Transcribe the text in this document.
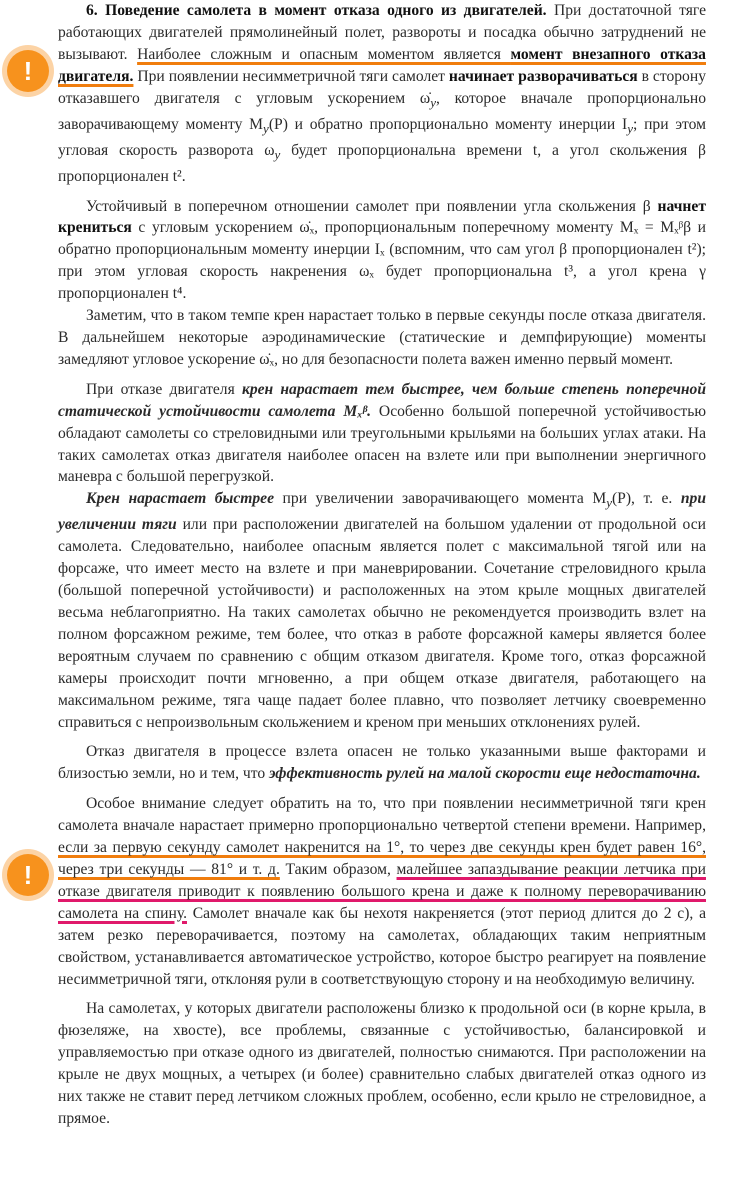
!
!

6. Поведение самолета в момент отказа одного из двигателей. При достаточной тяге работающих двигателей прямолинейный полет, развороты и посадка обычно затруднений не вызывают. Наиболее сложным и опасным моментом является момент внезапного отказа двигателя. При появлении несимметричной тяги самолет начинает разворачиваться в сторону отказавшего двигателя с угловым ускорением $\omegȧ_y$, которое вначале пропорционально заворачивающему моменту $M_y(P)$ и обратно пропорционально моменту инерции $I_y$; при этом угловая скорость разворота $\omega_y$ будет пропорциональна времени t, а угол скольжения β пропорционален t².

Устойчивый в поперечном отношении самолет при появлении угла скольжения β начнет крениться с угловым ускорением ω̇ₓ, пропорциональным поперечному моменту Mₓ = Mₓᵝβ и обратно пропорциональным моменту инерции Iₓ (вспомним, что сам угол β пропорционален t²); при этом угловая скорость накренения ωₓ будет пропорциональна t³, а угол крена γ пропорционален t⁴.

Заметим, что в таком темпе крен нарастает только в первые секунды после отказа двигателя. В дальнейшем некоторые аэродинамические (статические и демпфирующие) моменты замедляют угловое ускорение ω̇ₓ, но для безопасности полета важен именно первый момент.

При отказе двигателя крен нарастает тем быстрее, чем больше степень поперечной статической устойчивости самолета Mₓᵝ. Особенно большой поперечной устойчивостью обладают самолеты со стреловидными или треугольными крыльями на больших углах атаки. На таких самолетах отказ двигателя наиболее опасен на взлете или при выполнении энергичного маневра с большой перегрузкой.

Крен нарастает быстрее при увеличении заворачивающего момента $M_y(P)$, т. е. при увеличении тяги или при расположении двигателей на большом удалении от продольной оси самолета. Следовательно, наиболее опасным является полет с максимальной тягой или на форсаже, что имеет место на взлете и при маневрировании. Сочетание стреловидного крыла (большой поперечной устойчивости) и расположенных на этом крыле мощных двигателей весьма неблагоприятно. На таких самолетах обычно не рекомендуется производить взлет на полном форсажном режиме, тем более, что отказ в работе форсажной камеры является более вероятным случаем по сравнению с общим отказом двигателя. Кроме того, отказ форсажной камеры происходит почти мгновенно, а при общем отказе двигателя, работающего на максимальном режиме, тяга чаще падает более плавно, что позволяет летчику своевременно справиться с непроизвольным скольжением и креном при меньших отклонениях рулей.

Отказ двигателя в процессе взлета опасен не только указанными выше факторами и близостью земли, но и тем, что эффективность рулей на малой скорости еще недостаточна.

Особое внимание следует обратить на то, что при появлении несимметричной тяги крен самолета вначале нарастает примерно пропорционально четвертой степени времени. Например, если за первую секунду самолет накренится на 1°, то через две секунды крен будет равен 16°, через три секунды — 81° и т. д. Таким образом, малейшее запаздывание реакции летчика при отказе двигателя приводит к появлению большого крена и даже к полному переворачиванию самолета на спину. Самолет вначале как бы нехотя накреняется (этот период длится до 2 с), а затем резко переворачивается, поэтому на самолетах, обладающих таким неприятным свойством, устанавливается автоматическое устройство, которое быстро реагирует на появление несимметричной тяги, отклоняя рули в соответствующую сторону и на необходимую величину.

На самолетах, у которых двигатели расположены близко к продольной оси (в корне крыла, в фюзеляже, на хвосте), все проблемы, связанные с устойчивостью, балансировкой и управляемостью при отказе одного из двигателей, полностью снимаются. При расположении на крыле не двух мощных, а четырех (и более) сравнительно слабых двигателей отказ одного из них также не ставит перед летчиком сложных проблем, особенно, если крыло не стреловидное, а прямое.
